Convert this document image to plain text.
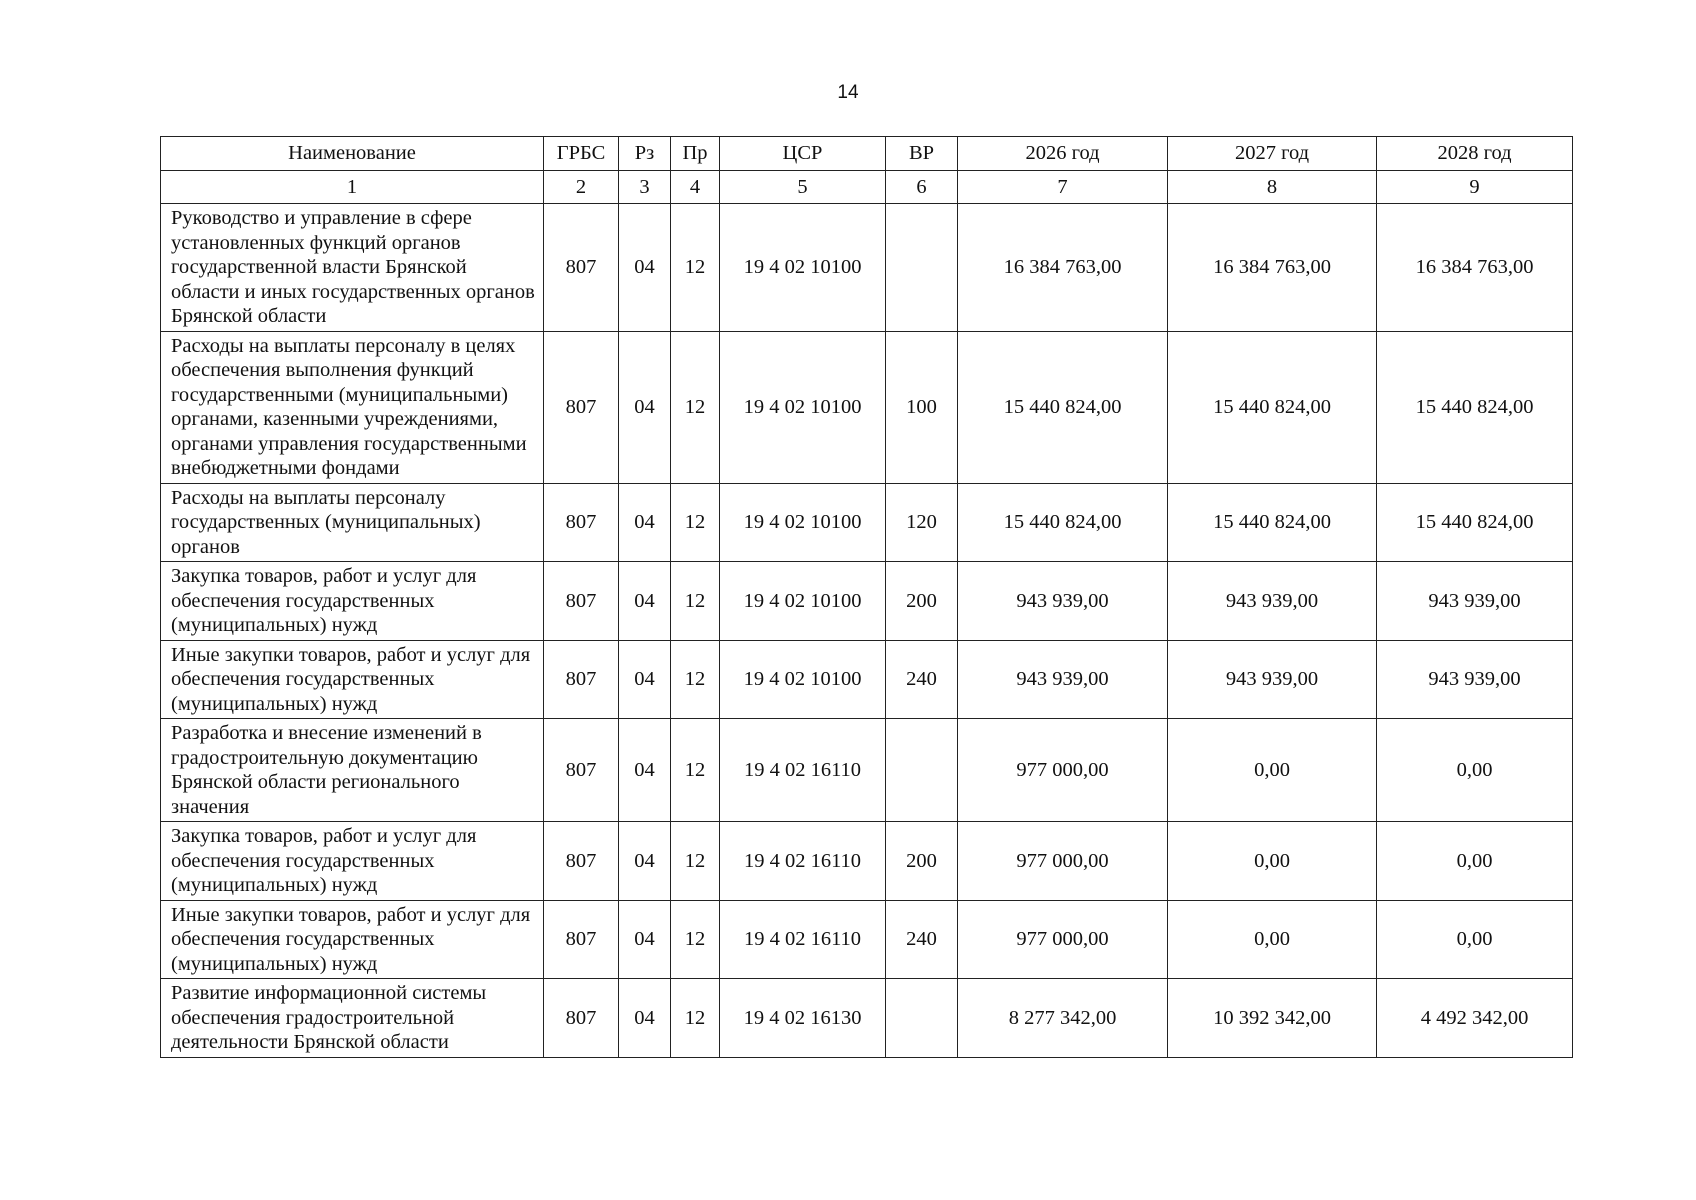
14
Наименование	ГРБС	Рз	Пр	ЦСР	ВР	2026 год	2027 год	2028 год
1	2	3	4	5	6	7	8	9
Руководство и управление в сфере установленных функций органов государственной власти Брянской области и иных государственных органов Брянской области	807	04	12	19 4 02 10100		16 384 763,00	16 384 763,00	16 384 763,00
Расходы на выплаты персоналу в целях обеспечения выполнения функций государственными (муниципальными) органами, казенными учреждениями, органами управления государственными внебюджетными фондами	807	04	12	19 4 02 10100	100	15 440 824,00	15 440 824,00	15 440 824,00
Расходы на выплаты персоналу государственных (муниципальных) органов	807	04	12	19 4 02 10100	120	15 440 824,00	15 440 824,00	15 440 824,00
Закупка товаров, работ и услуг для обеспечения государственных (муниципальных) нужд	807	04	12	19 4 02 10100	200	943 939,00	943 939,00	943 939,00
Иные закупки товаров, работ и услуг для обеспечения государственных (муниципальных) нужд	807	04	12	19 4 02 10100	240	943 939,00	943 939,00	943 939,00
Разработка и внесение изменений в градостроительную документацию Брянской области регионального значения	807	04	12	19 4 02 16110		977 000,00	0,00	0,00
Закупка товаров, работ и услуг для обеспечения государственных (муниципальных) нужд	807	04	12	19 4 02 16110	200	977 000,00	0,00	0,00
Иные закупки товаров, работ и услуг для обеспечения государственных (муниципальных) нужд	807	04	12	19 4 02 16110	240	977 000,00	0,00	0,00
Развитие информационной системы обеспечения градостроительной деятельности Брянской области	807	04	12	19 4 02 16130		8 277 342,00	10 392 342,00	4 492 342,00
